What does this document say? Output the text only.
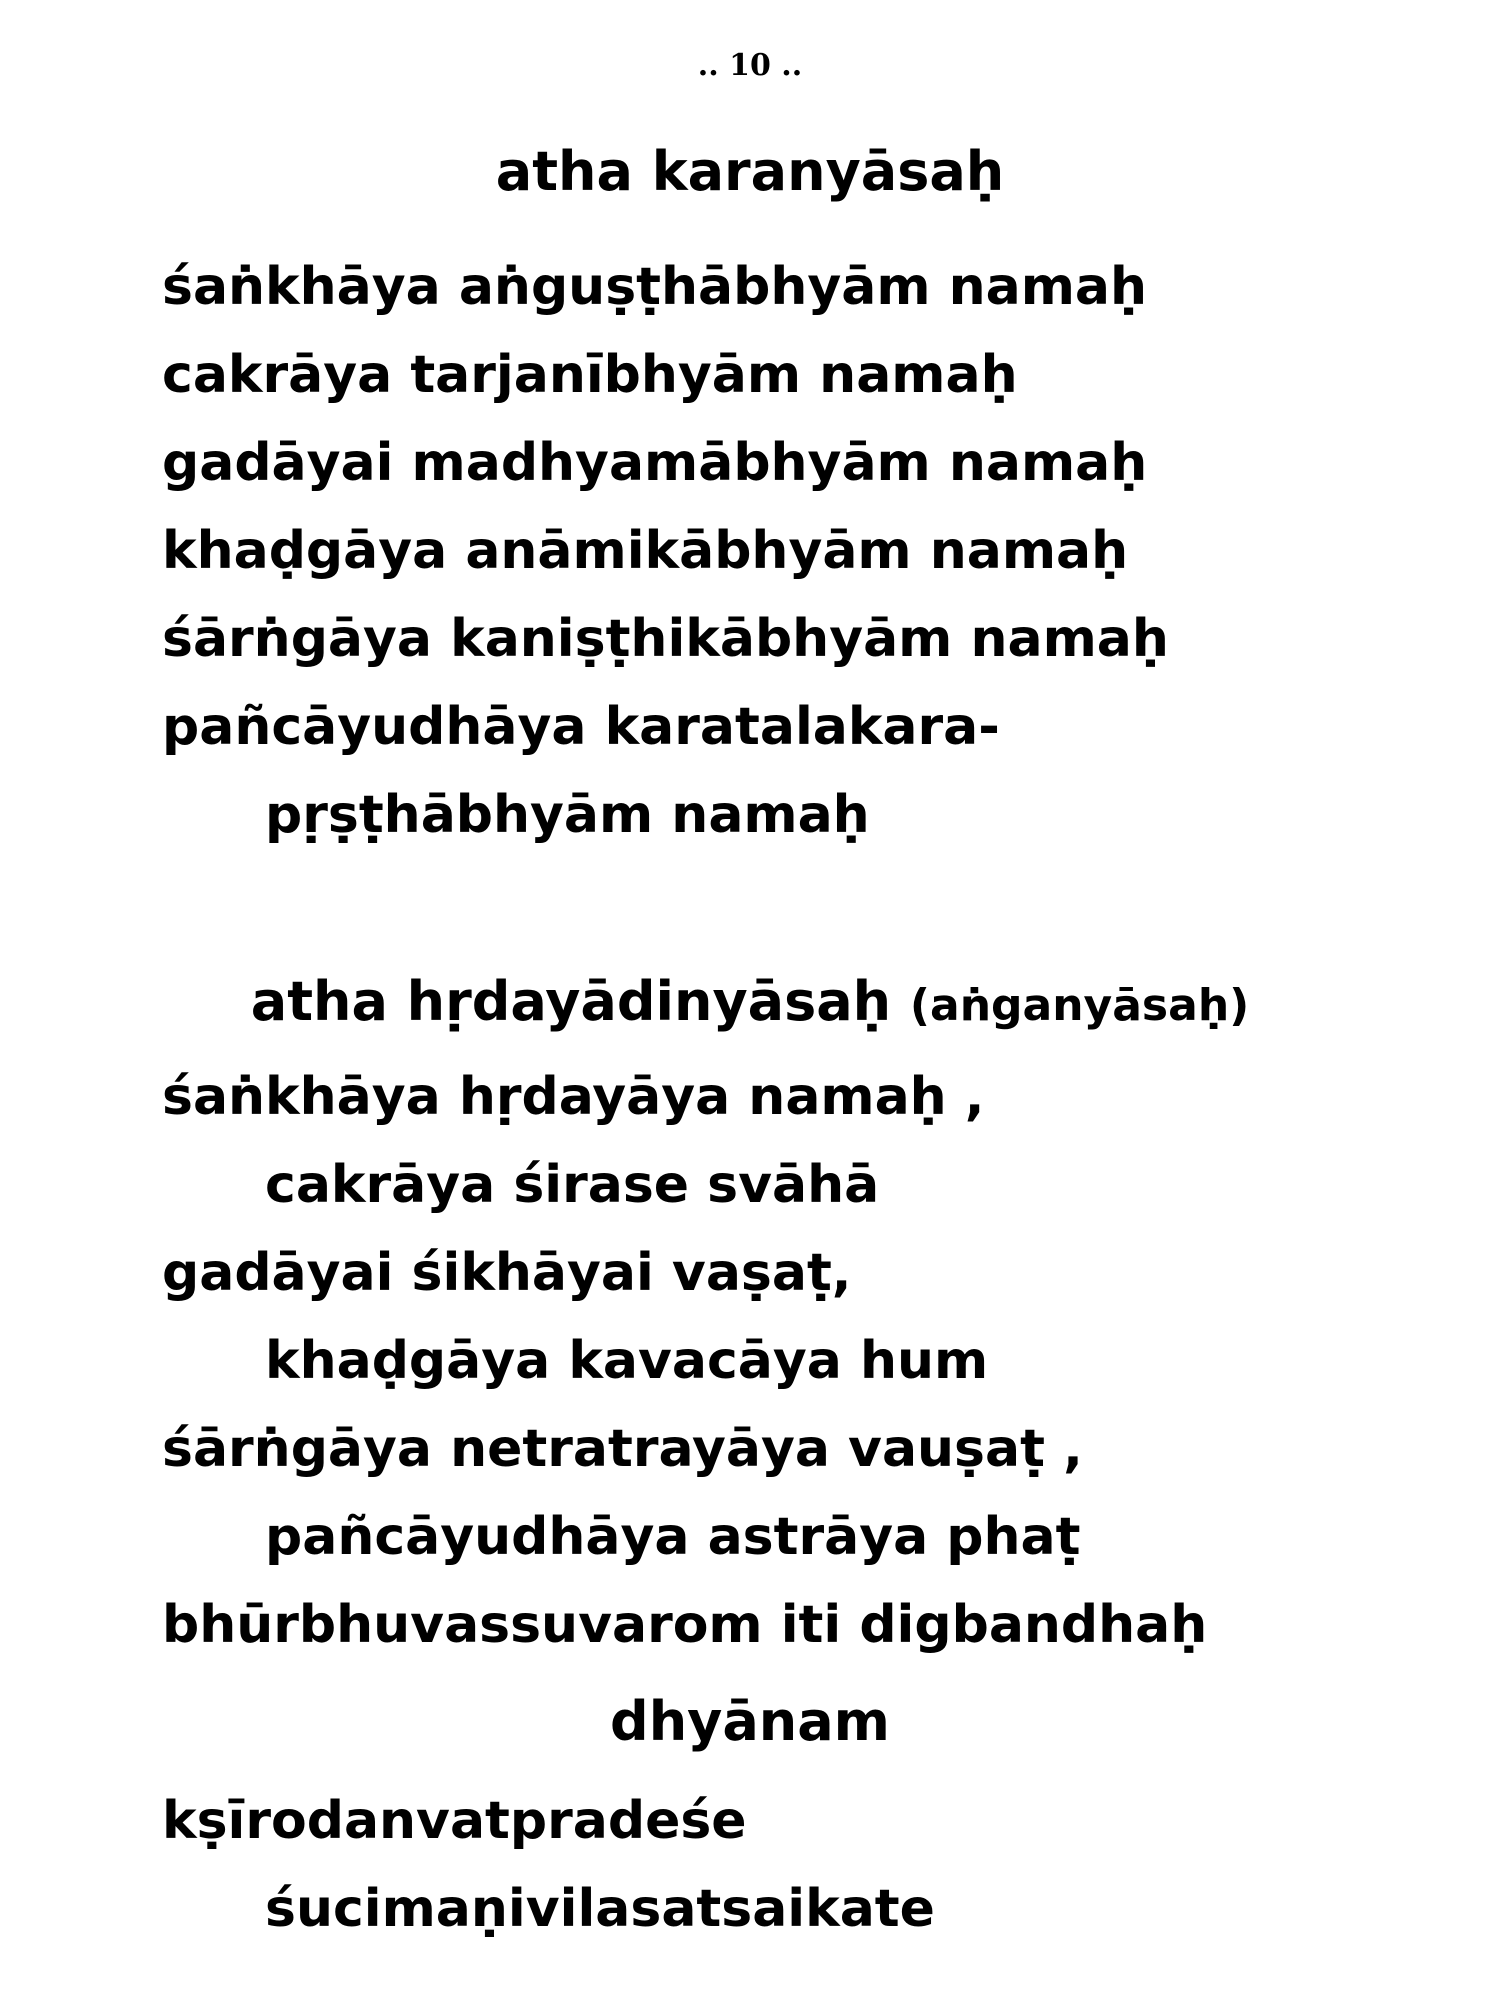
.. 10 ..
atha karanyāsaḥ
śaṅkhāya aṅguṣṭhābhyām namaḥ
cakrāya tarjanībhyām namaḥ
gadāyai madhyamābhyām namaḥ
khaḍgāya anāmikābhyām namaḥ
śārṅgāya kaniṣṭhikābhyām namaḥ
pañcāyudhāya karatalakara-
pṛṣṭhābhyām namaḥ
atha hṛdayādinyāsaḥ (aṅganyāsaḥ)
śaṅkhāya hṛdayāya namaḥ ,
cakrāya śirase svāhā
gadāyai śikhāyai vaṣaṭ,
khaḍgāya kavacāya hum
śārṅgāya netratrayāya vauṣaṭ ,
pañcāyudhāya astrāya phaṭ
bhūrbhuvassuvarom iti digbandhaḥ
dhyānam
kṣīrodanvatpradeśe
śucimaṇivilasatsaikate
